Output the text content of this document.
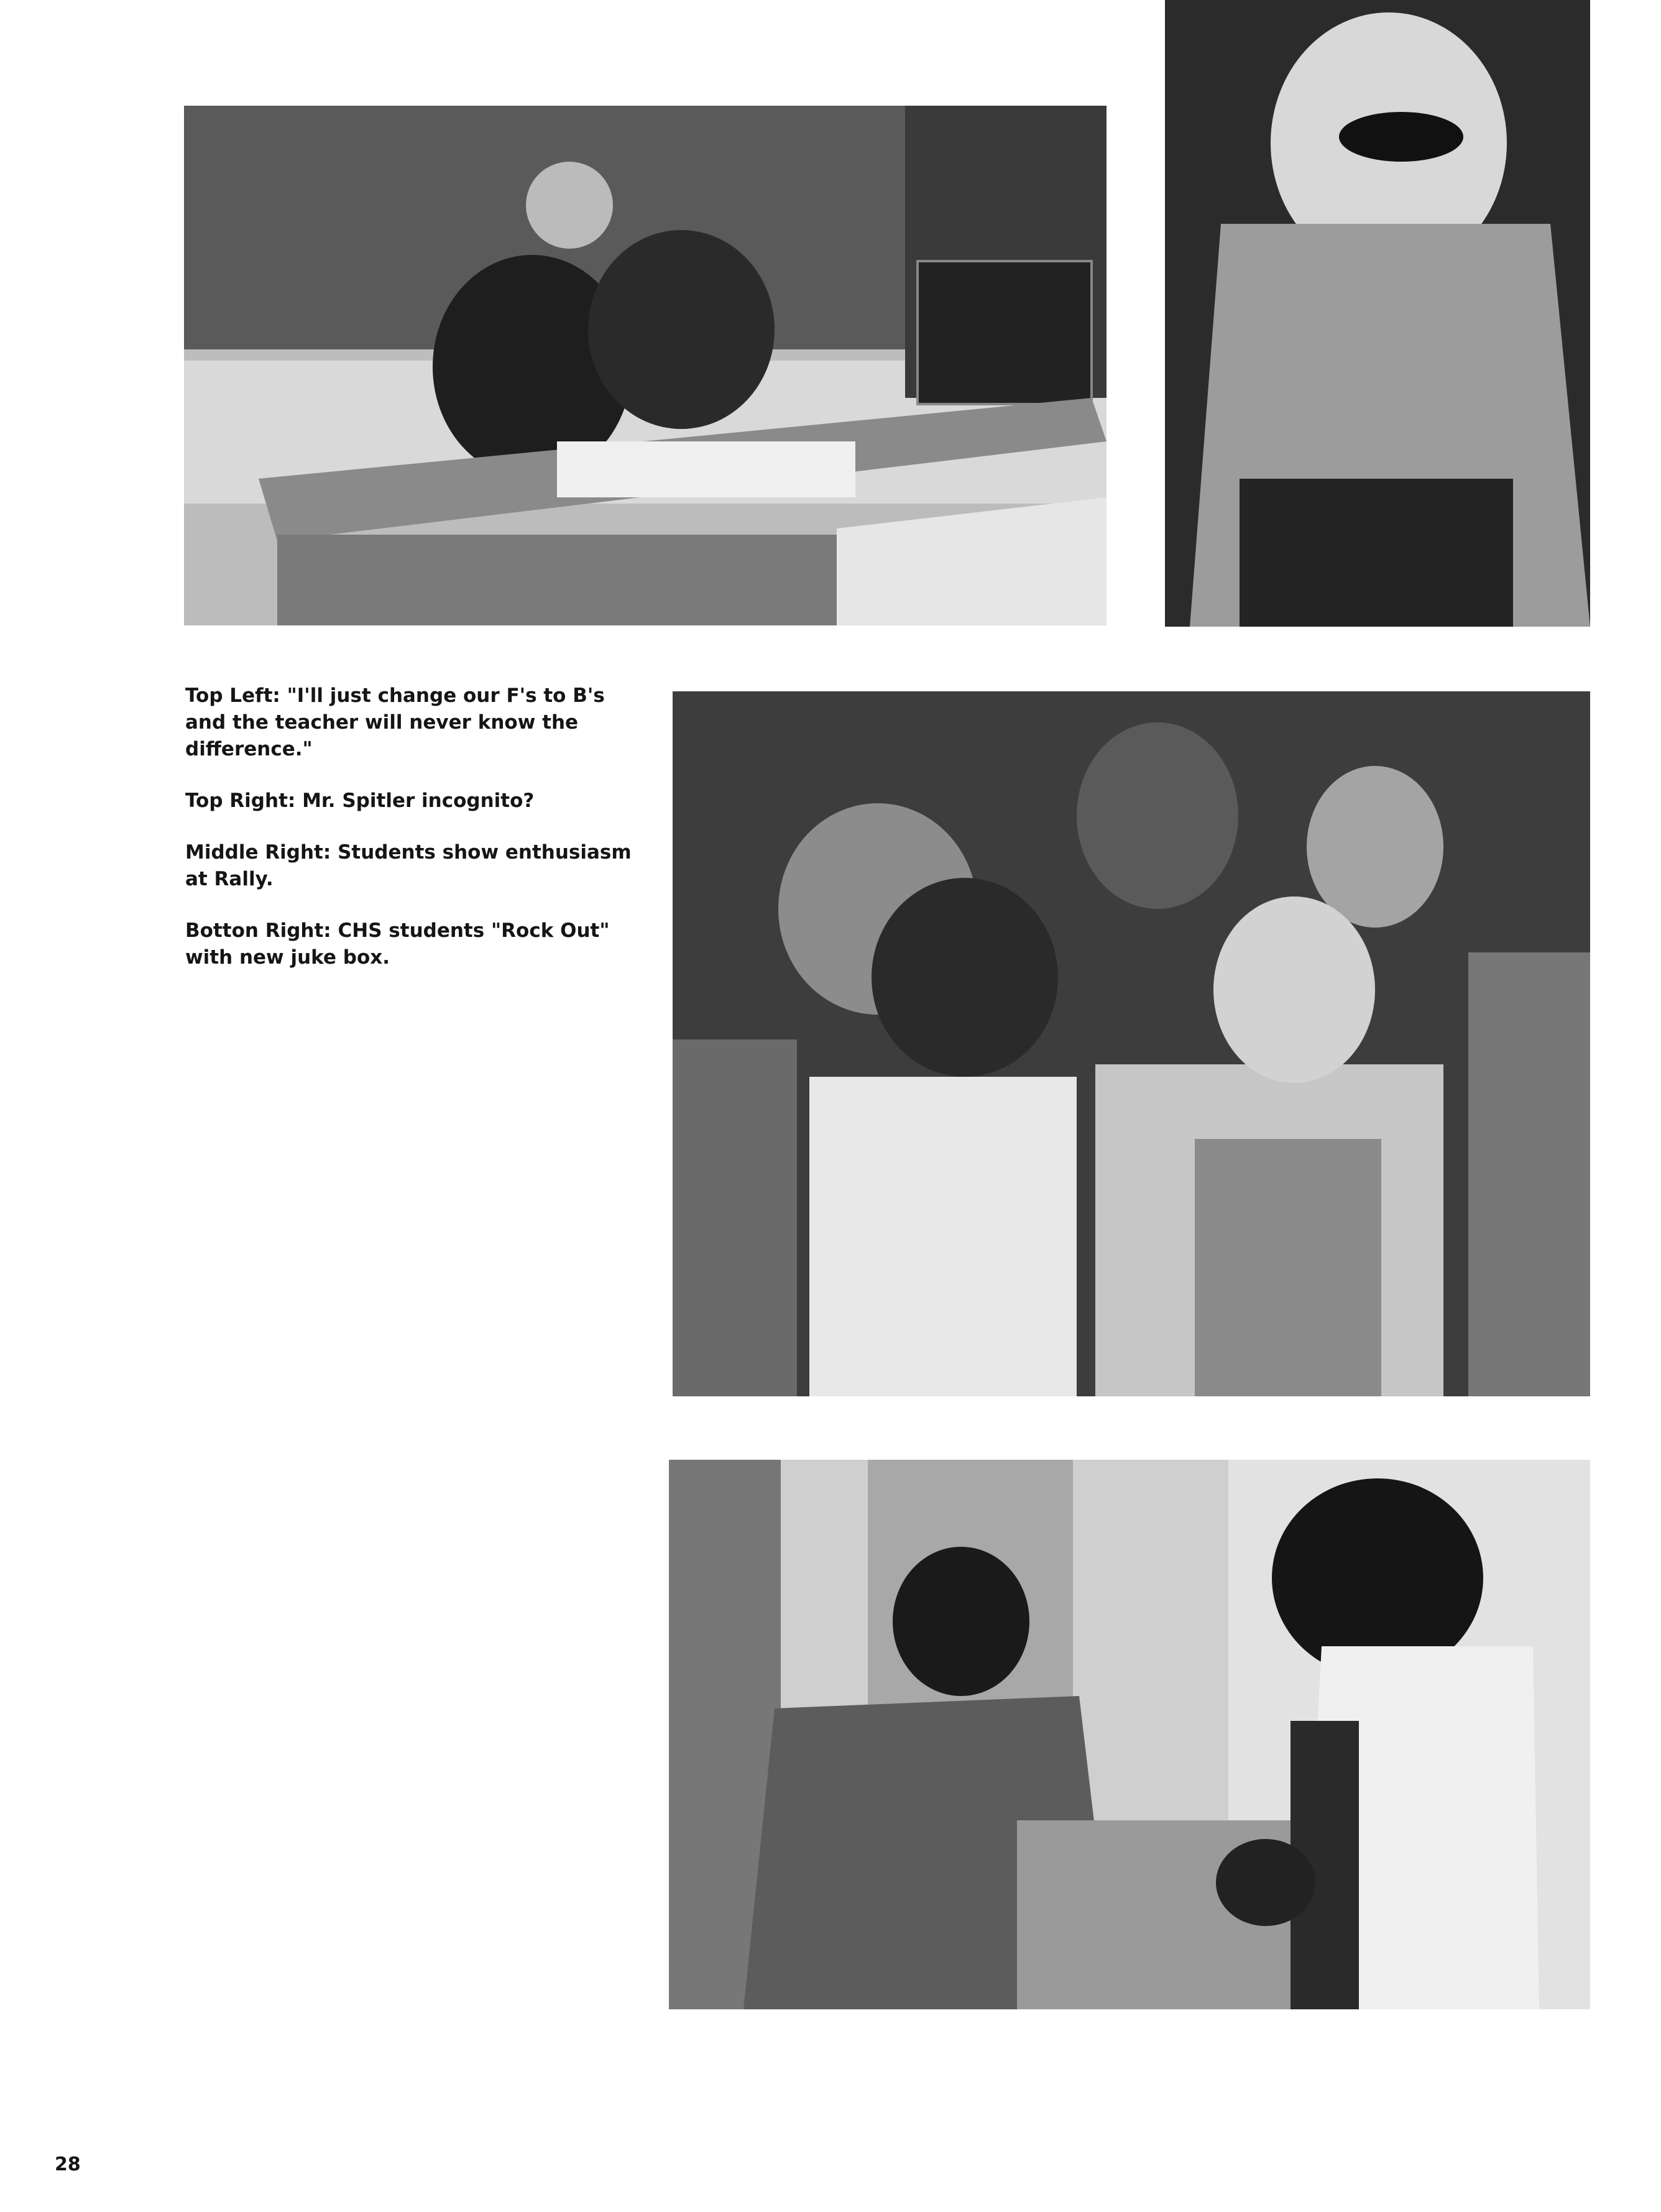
Top Left: "I'll just change our F's to B's and the teacher will never know the difference."

Top Right: Mr. Spitler incognito?

Middle Right: Students show enthusiasm at Rally.

Botton Right: CHS students "Rock Out" with new juke box.

28
